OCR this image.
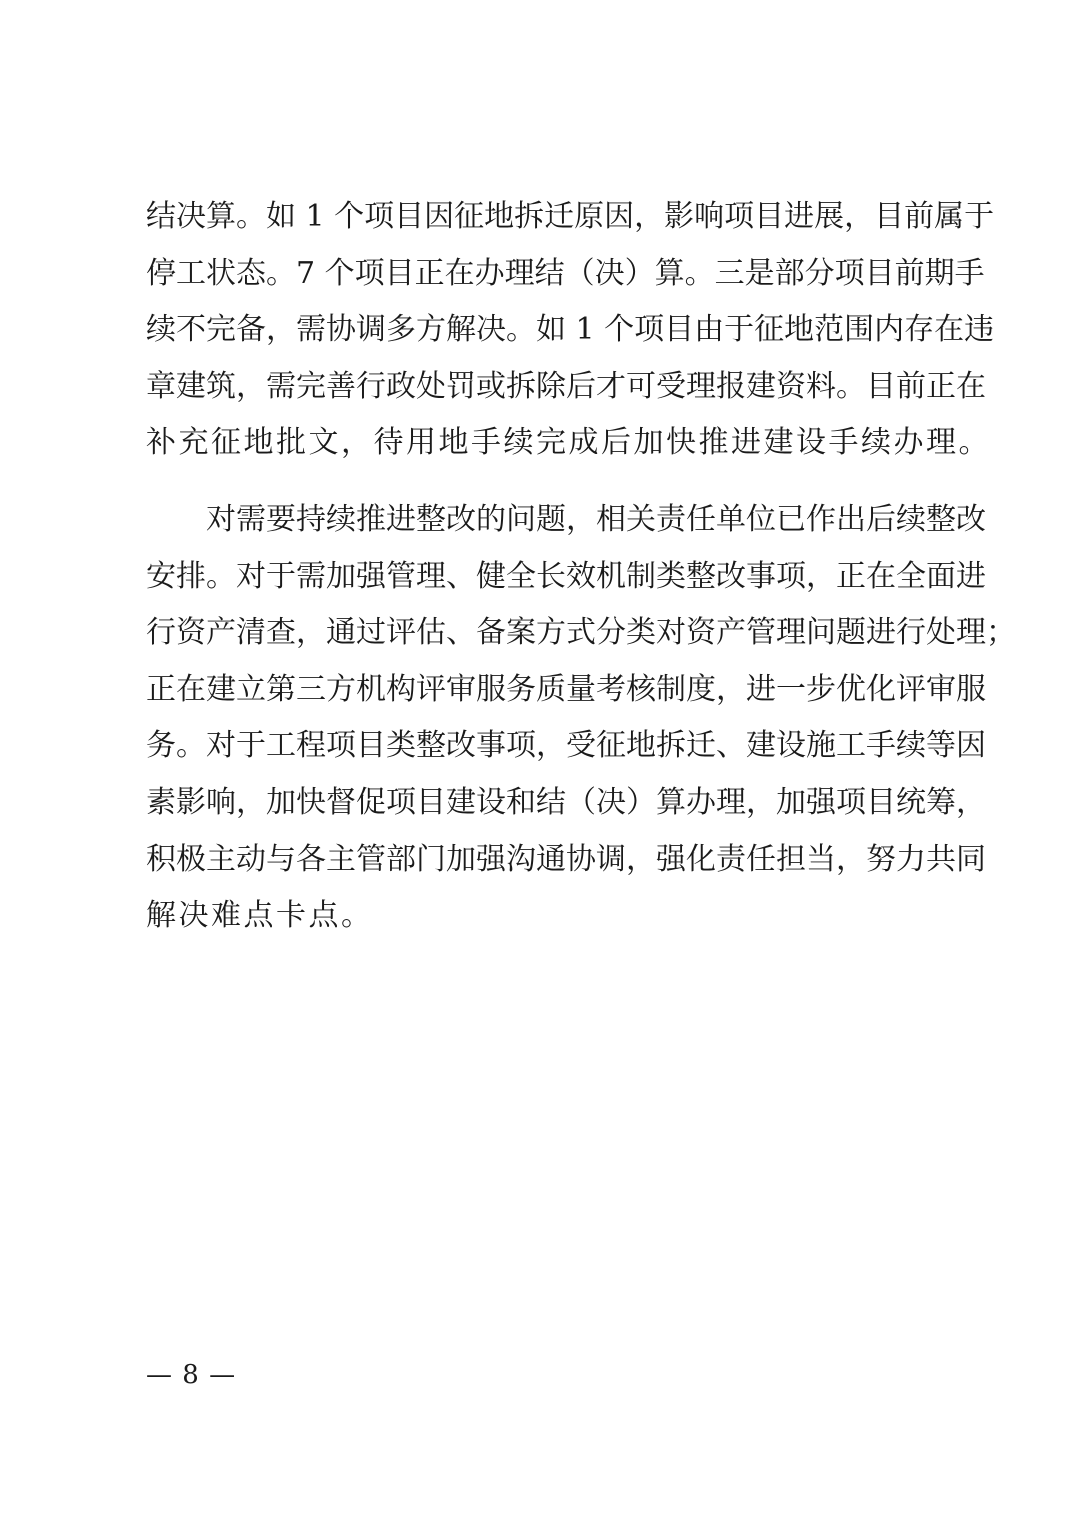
结决算。如 1 个项目因征地拆迁原因，影响项目进展，目前属于
停工状态。7 个项目正在办理结（决）算。三是部分项目前期手
续不完备，需协调多方解决。如 1 个项目由于征地范围内存在违
章建筑，需完善行政处罚或拆除后才可受理报建资料。目前正在
补充征地批文，待用地手续完成后加快推进建设手续办理。
对需要持续推进整改的问题，相关责任单位已作出后续整改
安排。对于需加强管理、健全长效机制类整改事项，正在全面进
行资产清查，通过评估、备案方式分类对资产管理问题进行处理；
正在建立第三方机构评审服务质量考核制度，进一步优化评审服
务。对于工程项目类整改事项，受征地拆迁、建设施工手续等因
素影响，加快督促项目建设和结（决）算办理，加强项目统筹，
积极主动与各主管部门加强沟通协调，强化责任担当，努力共同
解决难点卡点。
— 8 —
